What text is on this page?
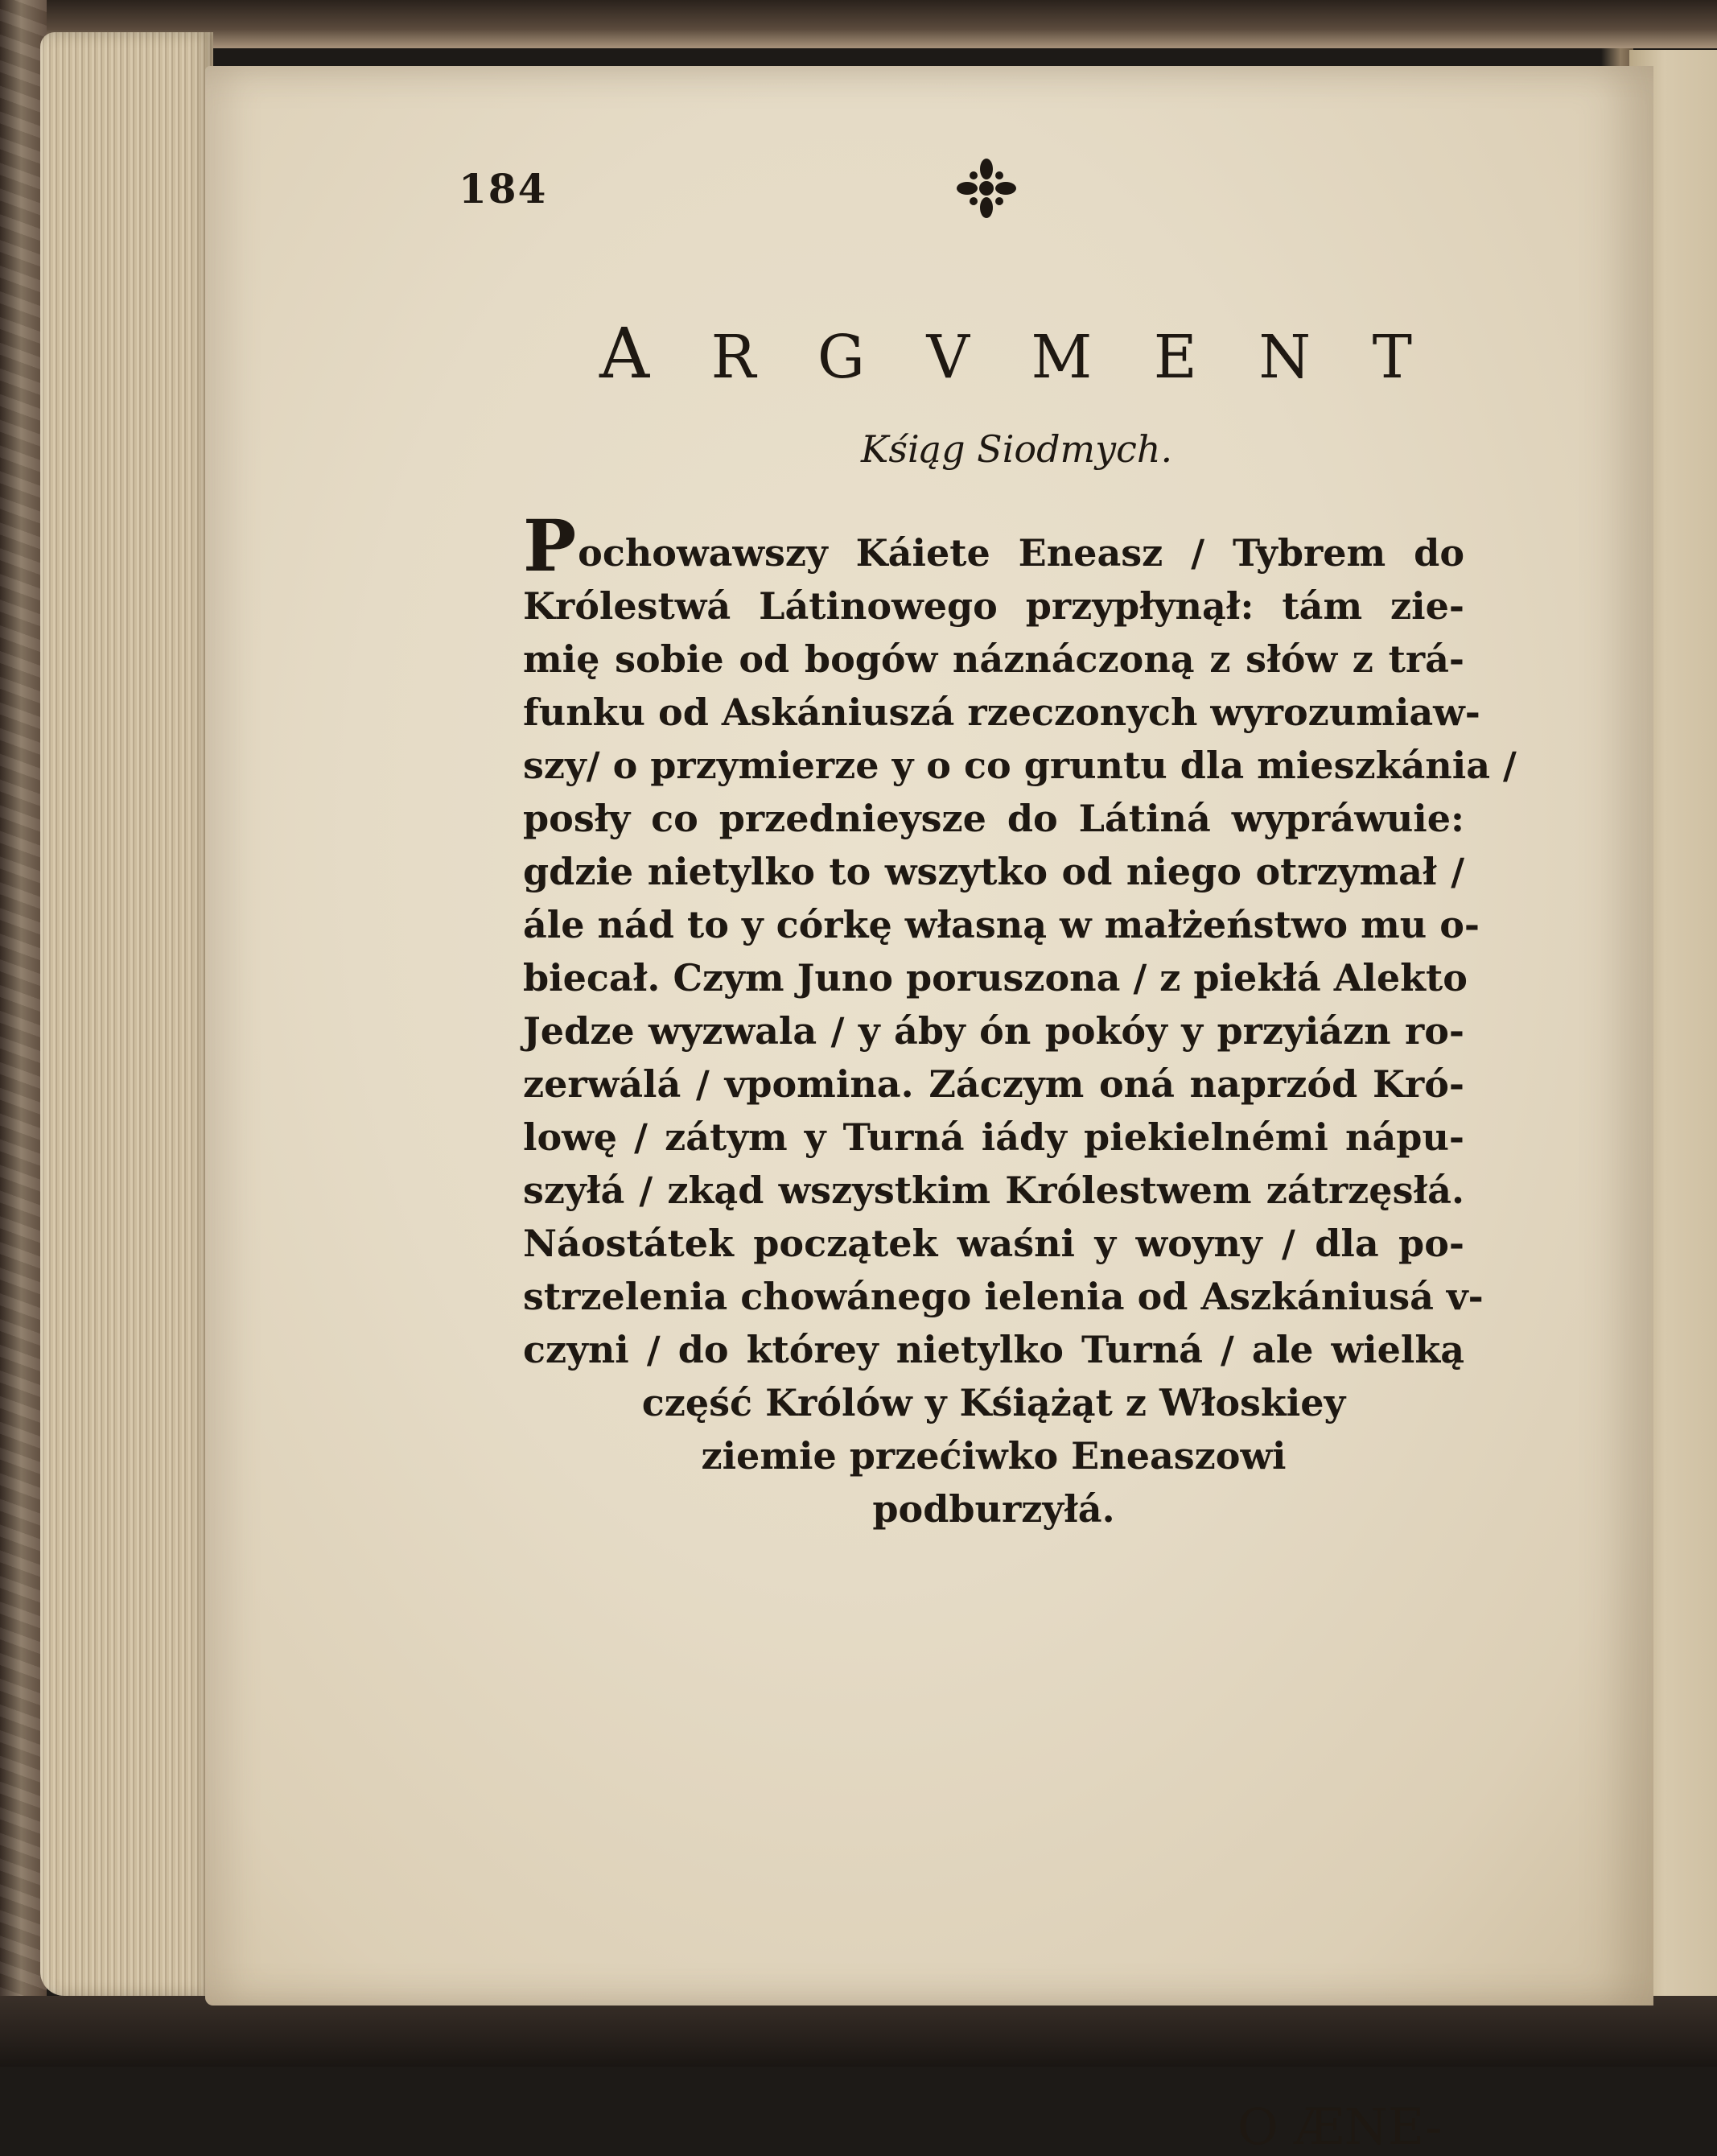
184
A R G V M E N T
Kśiąg Siodmych.
Pochowawszy Káiete Eneasz / Tybrem do
Królestwá Látinowego przypłynął: tám zie-
mię sobie od bogów náznáczoną z słów z trá-
funku od Askániuszá rzeczonych wyrozumiaw-
szy/ o przymierze y o co gruntu dla mieszkánia /
posły co przednieysze do Látiná wypráwuie:
gdzie nietylko to wszytko od niego otrzymał /
ále nád to y córkę własną w małżeństwo mu o-
biecał. Czym Juno poruszona / z piekłá Alekto
Jedze wyzwala / y áby ón pokóy y przyiázn ro-
zerwálá / vpomina. Záczym oná naprzód Kró-
lowę / zátym y Turná iády piekielnémi nápu-
szyłá / zkąd wszystkim Królestwem zátrzęsłá.
Náostátek początek waśni y woyny / dla po-
strzelenia chowánego ielenia od Aszkániusá v-
czyni / do którey nietylko Turná / ale wielką
część Królów y Kśiążąt z Włoskiey
ziemie przećiwko Eneaszowi
podburzyłá.
O ÆNE-
